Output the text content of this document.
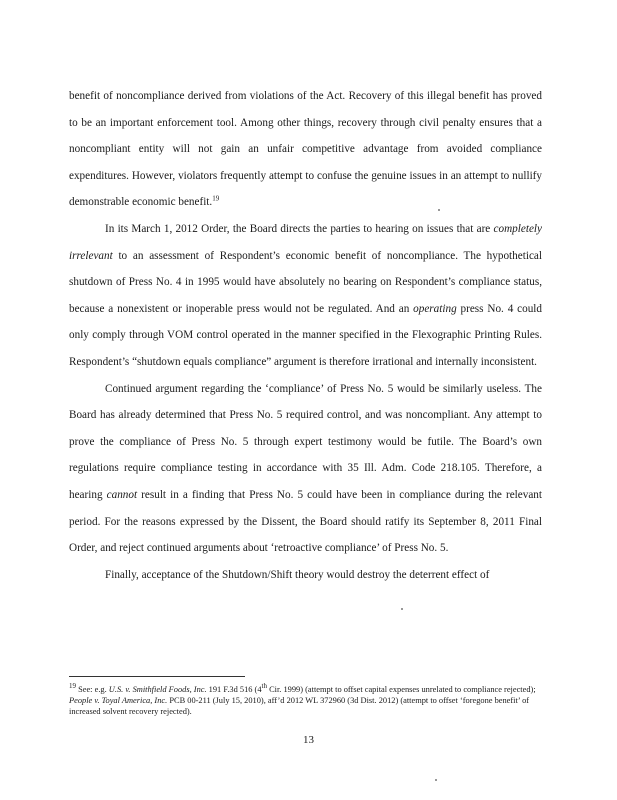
benefit of noncompliance derived from violations of the Act. Recovery of this illegal benefit has proved to be an important enforcement tool. Among other things, recovery through civil penalty ensures that a noncompliant entity will not gain an unfair competitive advantage from avoided compliance expenditures. However, violators frequently attempt to confuse the genuine issues in an attempt to nullify demonstrable economic benefit.$^{19}$

In its March 1, 2012 Order, the Board directs the parties to hearing on issues that are completely irrelevant to an assessment of Respondent’s economic benefit of noncompliance. The hypothetical shutdown of Press No. 4 in 1995 would have absolutely no bearing on Respondent’s compliance status, because a nonexistent or inoperable press would not be regulated. And an operating press No. 4 could only comply through VOM control operated in the manner specified in the Flexographic Printing Rules. Respondent’s “shutdown equals compliance” argument is therefore irrational and internally inconsistent.

Continued argument regarding the ‘compliance’ of Press No. 5 would be similarly useless. The Board has already determined that Press No. 5 required control, and was noncompliant. Any attempt to prove the compliance of Press No. 5 through expert testimony would be futile. The Board’s own regulations require compliance testing in accordance with 35 Ill. Adm. Code 218.105. Therefore, a hearing cannot result in a finding that Press No. 5 could have been in compliance during the relevant period. For the reasons expressed by the Dissent, the Board should ratify its September 8, 2011 Final Order, and reject continued arguments about ‘retroactive compliance’ of Press No. 5.

Finally, acceptance of the Shutdown/Shift theory would destroy the deterrent effect of

$^{19}$ See: e.g. U.S. v. Smithfield Foods, Inc. 191 F.3d 516 (4th Cir. 1999) (attempt to offset capital expenses unrelated to compliance rejected); People v. Toyal America, Inc. PCB 00-211 (July 15, 2010), aff’d 2012 WL 372960 (3d Dist. 2012) (attempt to offset ‘foregone benefit’ of increased solvent recovery rejected).
13
